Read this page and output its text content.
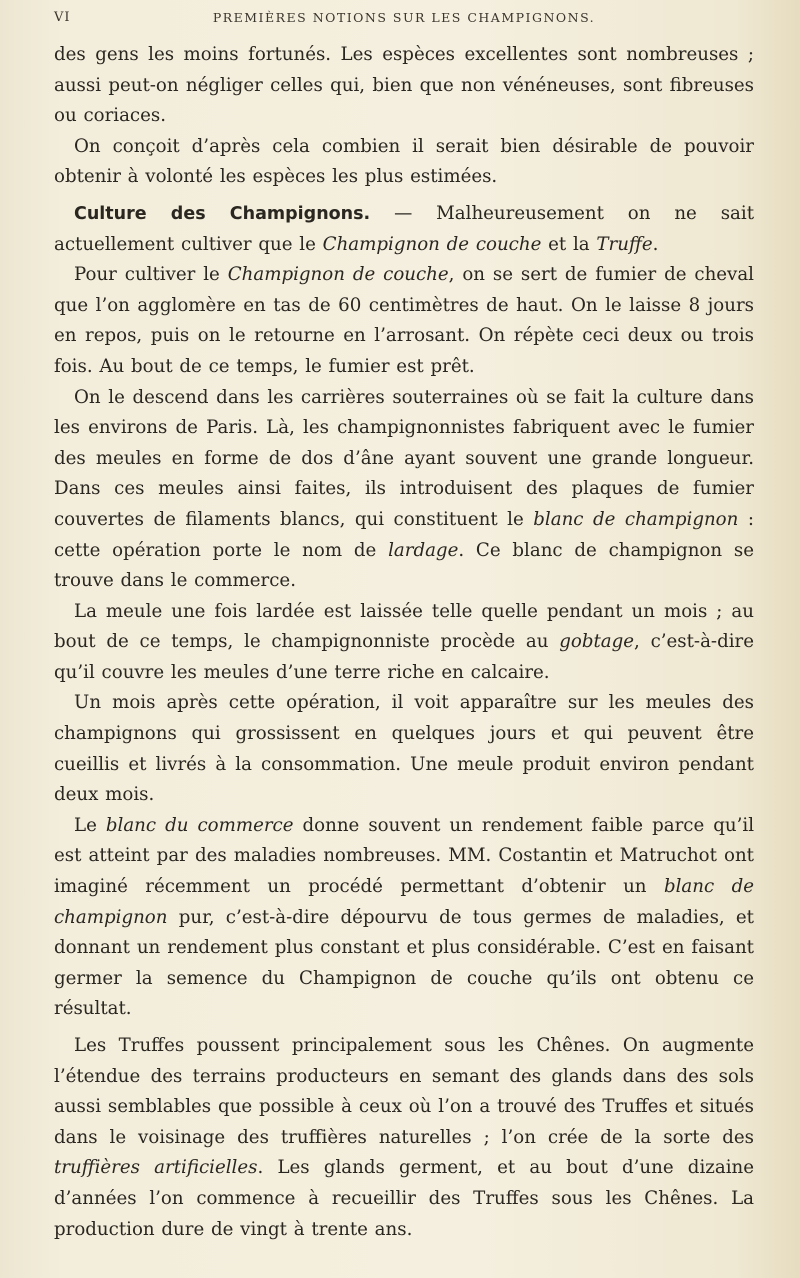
VI	PREMIÈRES NOTIONS SUR LES CHAMPIGNONS.

des gens les moins fortunés. Les espèces excellentes sont nombreuses ; aussi peut-on négliger celles qui, bien que non vénéneuses, sont fibreuses ou coriaces.

On conçoit d’après cela combien il serait bien désirable de pouvoir obtenir à volonté les espèces les plus estimées.

Culture des Champignons. — Malheureusement on ne sait actuellement cultiver que le Champignon de couche et la Truffe.

Pour cultiver le Champignon de couche, on se sert de fumier de cheval que l’on agglomère en tas de 60 centimètres de haut. On le laisse 8 jours en repos, puis on le retourne en l’arrosant. On répète ceci deux ou trois fois. Au bout de ce temps, le fumier est prêt.

On le descend dans les carrières souterraines où se fait la culture dans les environs de Paris. Là, les champignonnistes fabriquent avec le fumier des meules en forme de dos d’âne ayant souvent une grande longueur. Dans ces meules ainsi faites, ils introduisent des plaques de fumier couvertes de filaments blancs, qui constituent le blanc de champignon : cette opération porte le nom de lardage. Ce blanc de champignon se trouve dans le commerce.

La meule une fois lardée est laissée telle quelle pendant un mois ; au bout de ce temps, le champignonniste procède au gobtage, c’est-à-dire qu’il couvre les meules d’une terre riche en calcaire.

Un mois après cette opération, il voit apparaître sur les meules des champignons qui grossissent en quelques jours et qui peuvent être cueillis et livrés à la consommation. Une meule produit environ pendant deux mois.

Le blanc du commerce donne souvent un rendement faible parce qu’il est atteint par des maladies nombreuses. MM. Costantin et Matruchot ont imaginé récemment un procédé permettant d’obtenir un blanc de champignon pur, c’est-à-dire dépourvu de tous germes de maladies, et donnant un rendement plus constant et plus considérable. C’est en faisant germer la semence du Champignon de couche qu’ils ont obtenu ce résultat.

Les Truffes poussent principalement sous les Chênes. On augmente l’étendue des terrains producteurs en semant des glands dans des sols aussi semblables que possible à ceux où l’on a trouvé des Truffes et situés dans le voisinage des truffières naturelles ; l’on crée de la sorte des truffières artificielles. Les glands germent, et au bout d’une dizaine d’années l’on commence à recueillir des Truffes sous les Chênes. La production dure de vingt à trente ans.
